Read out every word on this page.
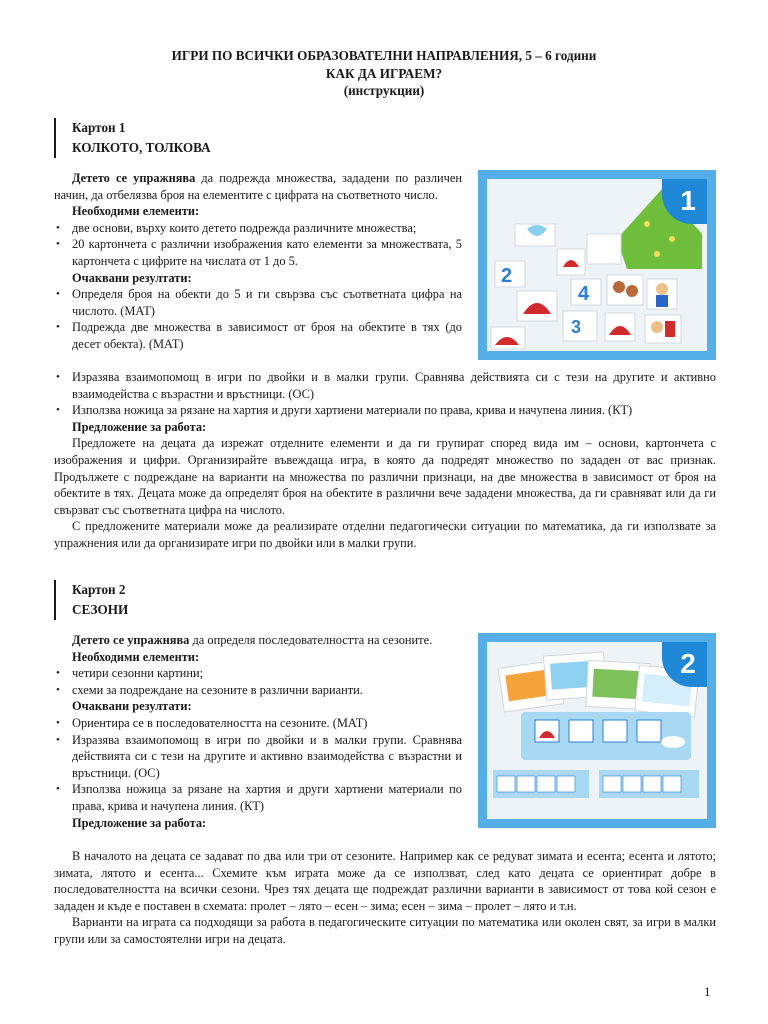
ИГРИ ПО ВСИЧКИ ОБРАЗОВАТЕЛНИ НАПРАВЛЕНИЯ, 5 – 6 години
КАК ДА ИГРАЕМ?
(инструкции)
Картон 1
КОЛКОТО, ТОЛКОВА
2
4
3
1

Детето се упражнява да подрежда множества, зададени по различен начин, да отбелязва броя на елементите с цифрата на съответното число.

Необходими елементи:

• две основи, върху които детето подрежда различните множества;

• 20 картончета с различни изображения като елементи за множествата, 5 картончета с цифрите на числата от 1 до 5.

Очаквани резултати:

• Определя броя на обекти до 5 и ги свързва със съответната цифра на числото. (МАТ)

• Подрежда две множества в зависимост от броя на обектите в тях (до десет обекта). (МАТ)

• Изразява взаимопомощ в игри по двойки и в малки групи. Сравнява действията си с тези на другите и активно взаимодейства с възрастни и връстници. (ОС)

• Използва ножица за рязане на хартия и други хартиени материали по права, крива и начупена линия. (КТ)

Предложение за работа:

Предложете на децата да изрежат отделните елементи и да ги групират според вида им – основи, картончета с изображения и цифри. Организирайте въвеждаща игра, в която да подредят множество по зададен от вас признак. Продължете с подреждане на варианти на множества по различни признаци, на две множества в зависимост от броя на обектите в тях. Децата може да определят броя на обектите в различни вече зададени множества, да ги сравняват или да ги свързват със съответната цифра на числото.

С предложените материали може да реализирате отделни педагогически ситуации по математика, да ги използвате за упражнения или да организирате игри по двойки или в малки групи.

Картон 2
СЕЗОНИ
2

Детето се упражнява да определя последователността на сезоните.

Необходими елементи:

• четири сезонни картини;

• схеми за подреждане на сезоните в различни варианти.

Очаквани резултати:

• Ориентира се в последователността на сезоните. (МАТ)

• Изразява взаимопомощ в игри по двойки и в малки групи. Сравнява действията си с тези на другите и активно взаимодейства с възрастни и връстници. (ОС)

• Използва ножица за рязане на хартия и други хартиени материали по права, крива и начупена линия. (КТ)

Предложение за работа:

В началото на децата се задават по два или три от сезоните. Например как се редуват зимата и есента; есента и лятото; зимата, лятото и есента... Схемите към играта може да се използват, след като децата се ориентират добре в последователността на всички сезони. Чрез тях децата ще подреждат различни варианти в зависимост от това кой сезон е зададен и къде е поставен в схемата: пролет – лято – есен – зима; есен – зима – пролет – лято и т.н.

Варианти на играта са подходящи за работа в педагогическите ситуации по математика или околен свят, за игри в малки групи или за самостоятелни игри на децата.

1
